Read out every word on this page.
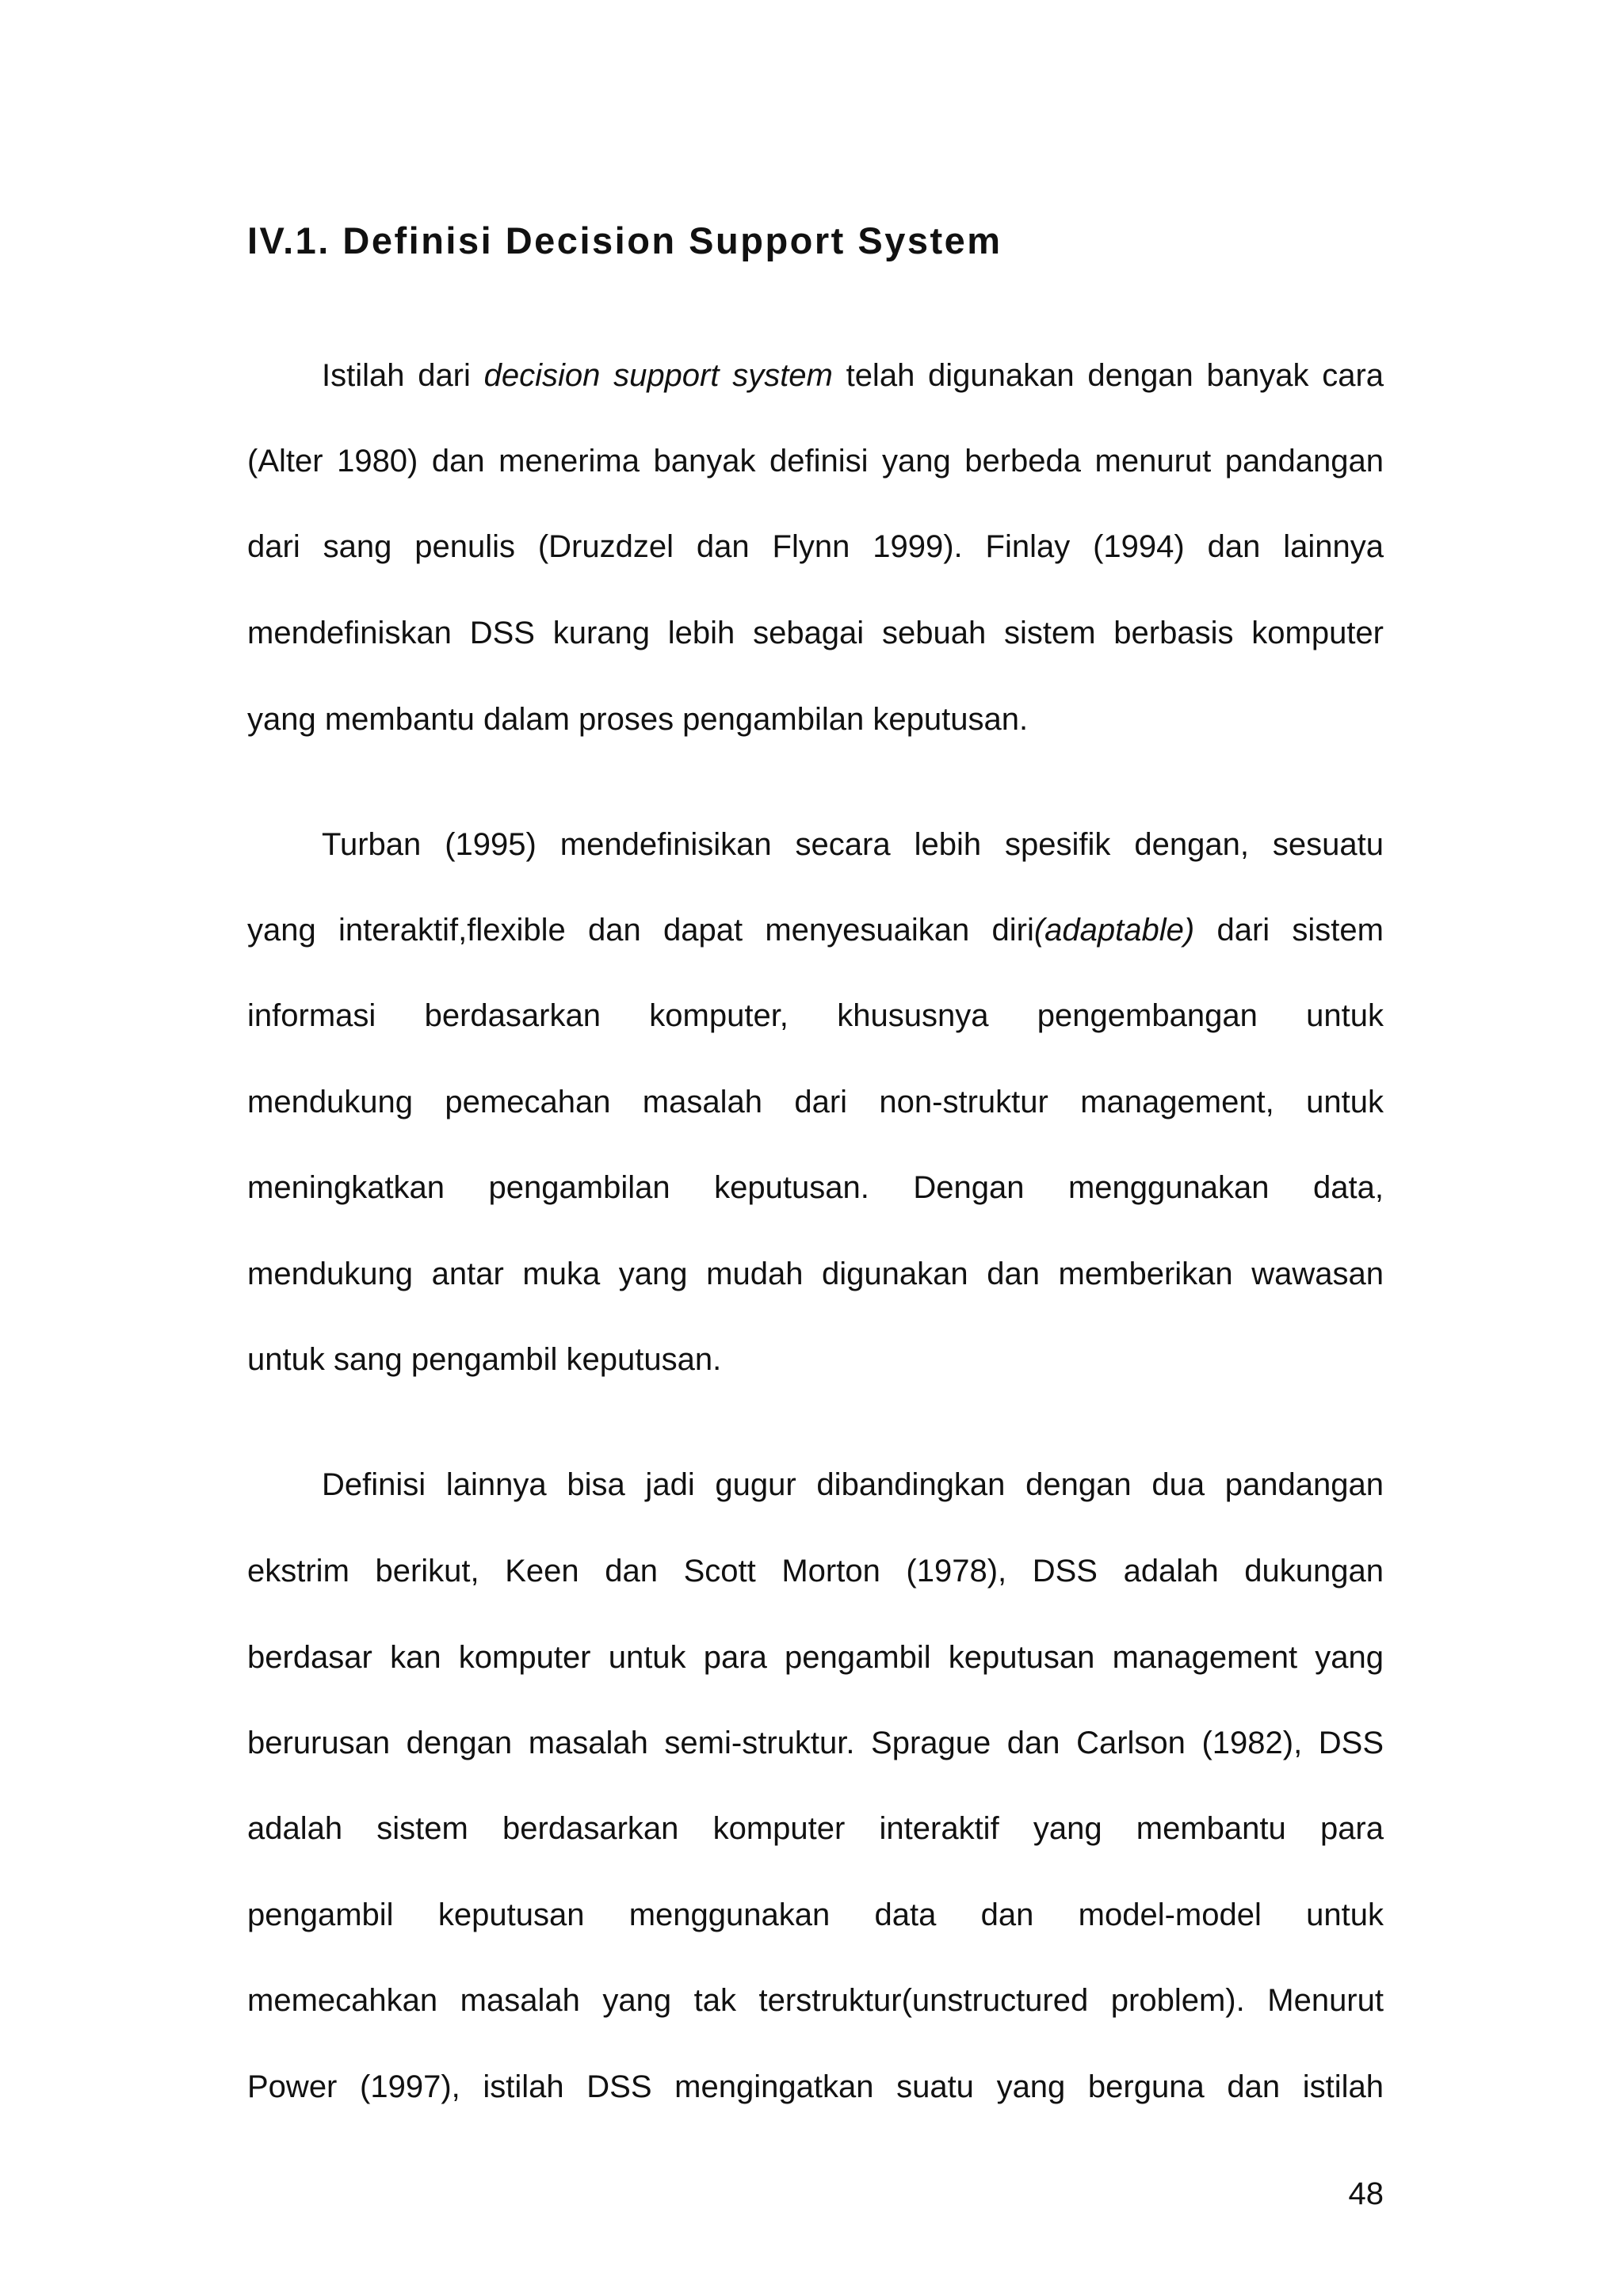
IV.1. Definisi Decision Support System
Istilah dari decision support system telah digunakan dengan banyak cara
(Alter 1980) dan menerima banyak definisi yang berbeda menurut pandangan
dari sang penulis (Druzdzel dan Flynn 1999). Finlay (1994) dan lainnya
mendefiniskan DSS kurang lebih sebagai sebuah sistem berbasis komputer
yang membantu dalam proses pengambilan keputusan.
Turban (1995) mendefinisikan secara lebih spesifik dengan, sesuatu
yang interaktif,flexible dan dapat menyesuaikan diri(adaptable) dari sistem
informasi berdasarkan komputer, khususnya pengembangan untuk
mendukung pemecahan masalah dari non-struktur management, untuk
meningkatkan pengambilan keputusan. Dengan menggunakan data,
mendukung antar muka yang mudah digunakan dan memberikan wawasan
untuk sang pengambil keputusan.
Definisi lainnya bisa jadi gugur dibandingkan dengan dua pandangan
ekstrim berikut, Keen dan Scott Morton (1978), DSS adalah dukungan
berdasar kan komputer untuk para pengambil keputusan management yang
berurusan dengan masalah semi-struktur. Sprague dan Carlson (1982), DSS
adalah sistem berdasarkan komputer interaktif yang membantu para
pengambil keputusan menggunakan data dan model-model untuk
memecahkan masalah yang tak terstruktur(unstructured problem). Menurut
Power (1997), istilah DSS mengingatkan suatu yang berguna dan istilah
48
